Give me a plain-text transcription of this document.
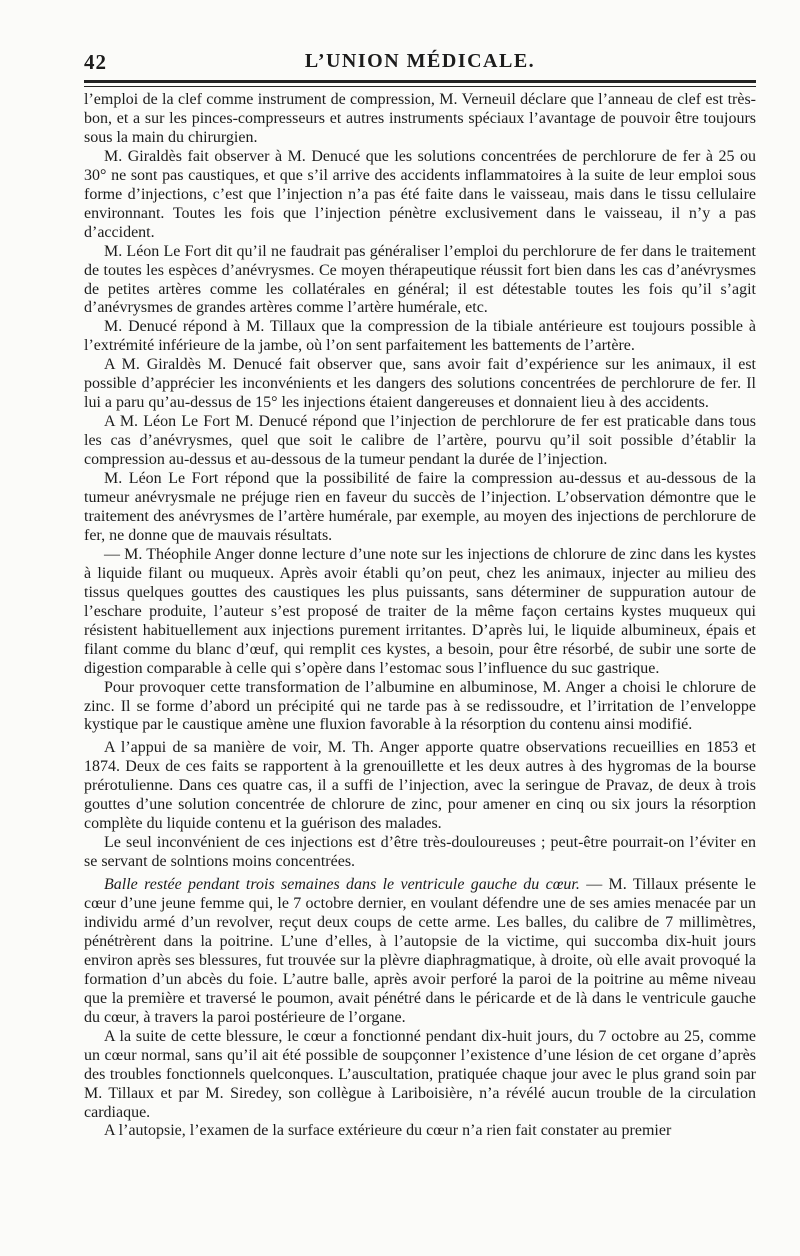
42	L’UNION MÉDICALE.

l’emploi de la clef comme instrument de compression, M. Verneuil déclare que l’anneau de clef est très-bon, et a sur les pinces-compresseurs et autres instruments spéciaux l’avantage de pouvoir être toujours sous la main du chirurgien.

M. Giraldès fait observer à M. Denucé que les solutions concentrées de perchlorure de fer à 25 ou 30° ne sont pas caustiques, et que s’il arrive des accidents inflammatoires à la suite de leur emploi sous forme d’injections, c’est que l’injection n’a pas été faite dans le vaisseau, mais dans le tissu cellulaire environnant. Toutes les fois que l’injection pénètre exclusivement dans le vaisseau, il n’y a pas d’accident.

M. Léon Le Fort dit qu’il ne faudrait pas généraliser l’emploi du perchlorure de fer dans le traitement de toutes les espèces d’anévrysmes. Ce moyen thérapeutique réussit fort bien dans les cas d’anévrysmes de petites artères comme les collatérales en général; il est détestable toutes les fois qu’il s’agit d’anévrysmes de grandes artères comme l’artère humérale, etc.

M. Denucé répond à M. Tillaux que la compression de la tibiale antérieure est toujours possible à l’extrémité inférieure de la jambe, où l’on sent parfaitement les battements de l’artère.

A M. Giraldès M. Denucé fait observer que, sans avoir fait d’expérience sur les animaux, il est possible d’apprécier les inconvénients et les dangers des solutions concentrées de perchlorure de fer. Il lui a paru qu’au-dessus de 15° les injections étaient dangereuses et donnaient lieu à des accidents.

A M. Léon Le Fort M. Denucé répond que l’injection de perchlorure de fer est praticable dans tous les cas d’anévrysmes, quel que soit le calibre de l’artère, pourvu qu’il soit possible d’établir la compression au-dessus et au-dessous de la tumeur pendant la durée de l’injection.

M. Léon Le Fort répond que la possibilité de faire la compression au-dessus et au-dessous de la tumeur anévrysmale ne préjuge rien en faveur du succès de l’injection. L’observation démontre que le traitement des anévrysmes de l’artère humérale, par exemple, au moyen des injections de perchlorure de fer, ne donne que de mauvais résultats.

— M. Théophile Anger donne lecture d’une note sur les injections de chlorure de zinc dans les kystes à liquide filant ou muqueux. Après avoir établi qu’on peut, chez les animaux, injecter au milieu des tissus quelques gouttes des caustiques les plus puissants, sans déterminer de suppuration autour de l’eschare produite, l’auteur s’est proposé de traiter de la même façon certains kystes muqueux qui résistent habituellement aux injections purement irritantes. D’après lui, le liquide albumineux, épais et filant comme du blanc d’œuf, qui remplit ces kystes, a besoin, pour être résorbé, de subir une sorte de digestion comparable à celle qui s’opère dans l’estomac sous l’influence du suc gastrique.

Pour provoquer cette transformation de l’albumine en albuminose, M. Anger a choisi le chlorure de zinc. Il se forme d’abord un précipité qui ne tarde pas à se redissoudre, et l’irritation de l’enveloppe kystique par le caustique amène une fluxion favorable à la résorption du contenu ainsi modifié.

A l’appui de sa manière de voir, M. Th. Anger apporte quatre observations recueillies en 1853 et 1874. Deux de ces faits se rapportent à la grenouillette et les deux autres à des hygromas de la bourse prérotulienne. Dans ces quatre cas, il a suffi de l’injection, avec la seringue de Pravaz, de deux à trois gouttes d’une solution concentrée de chlorure de zinc, pour amener en cinq ou six jours la résorption complète du liquide contenu et la guérison des malades.

Le seul inconvénient de ces injections est d’être très-douloureuses ; peut-être pourrait-on l’éviter en se servant de solntions moins concentrées.

Balle restée pendant trois semaines dans le ventricule gauche du cœur. — M. Tillaux présente le cœur d’une jeune femme qui, le 7 octobre dernier, en voulant défendre une de ses amies menacée par un individu armé d’un revolver, reçut deux coups de cette arme. Les balles, du calibre de 7 millimètres, pénétrèrent dans la poitrine. L’une d’elles, à l’autopsie de la victime, qui succomba dix-huit jours environ après ses blessures, fut trouvée sur la plèvre diaphragmatique, à droite, où elle avait provoqué la formation d’un abcès du foie. L’autre balle, après avoir perforé la paroi de la poitrine au même niveau que la première et traversé le poumon, avait pénétré dans le péricarde et de là dans le ventricule gauche du cœur, à travers la paroi postérieure de l’organe.

A la suite de cette blessure, le cœur a fonctionné pendant dix-huit jours, du 7 octobre au 25, comme un cœur normal, sans qu’il ait été possible de soupçonner l’existence d’une lésion de cet organe d’après des troubles fonctionnels quelconques. L’auscultation, pratiquée chaque jour avec le plus grand soin par M. Tillaux et par M. Siredey, son collègue à Lariboisière, n’a révélé aucun trouble de la circulation cardiaque.

A l’autopsie, l’examen de la surface extérieure du cœur n’a rien fait constater au premier
